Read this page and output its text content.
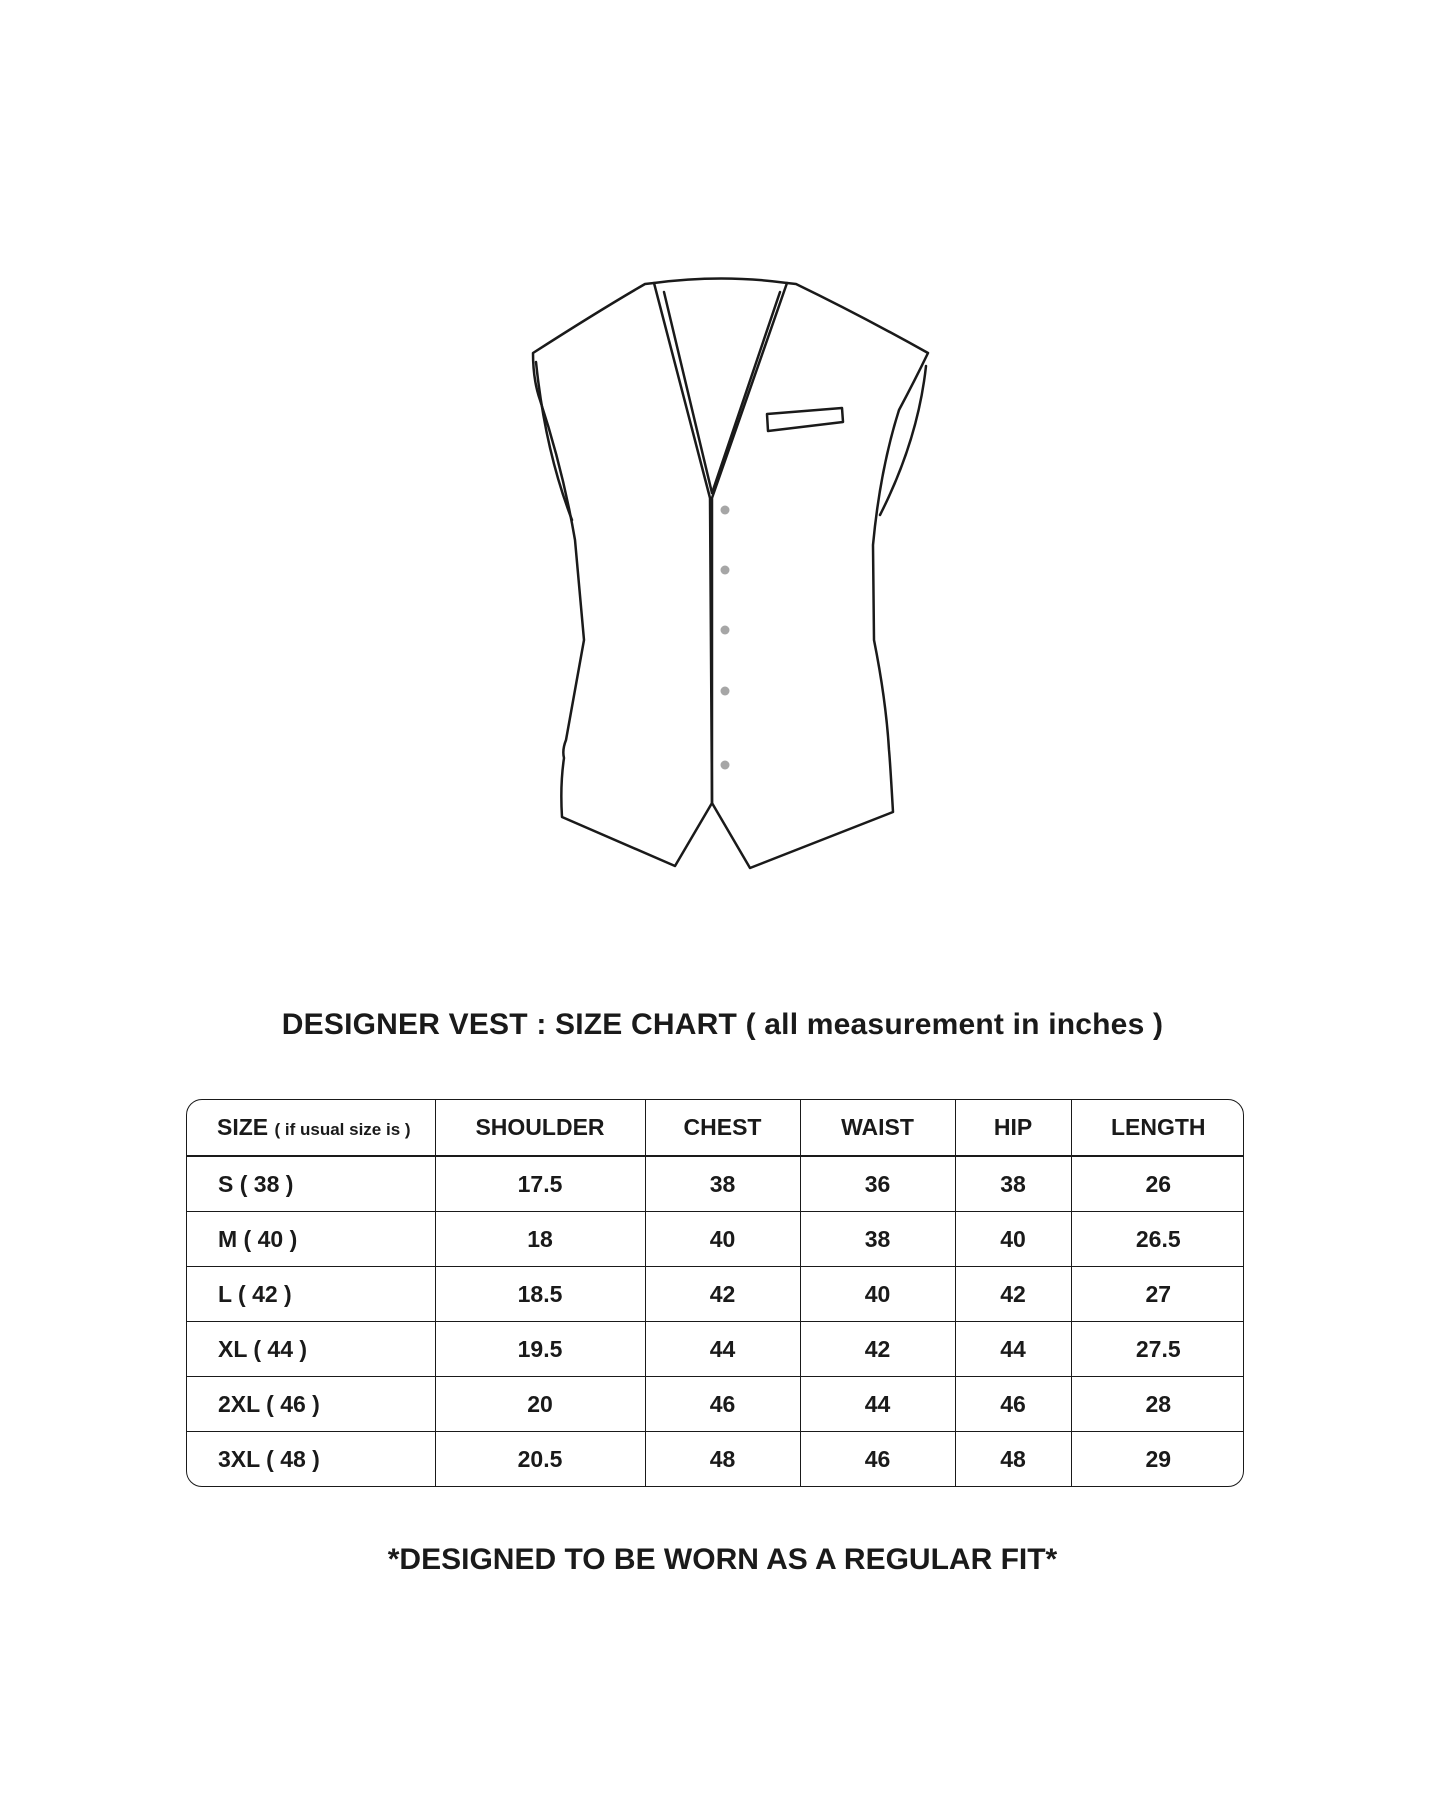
DESIGNER VEST : SIZE CHART ( all measurement in inches )
SIZE ( if usual size is )	SHOULDER	CHEST	WAIST	HIP	LENGTH
S ( 38 )	17.5	38	36	38	26
M ( 40 )	18	40	38	40	26.5
L ( 42 )	18.5	42	40	42	27
XL ( 44 )	19.5	44	42	44	27.5
2XL ( 46 )	20	46	44	46	28
3XL ( 48 )	20.5	48	46	48	29
*DESIGNED TO BE WORN AS A REGULAR FIT*
